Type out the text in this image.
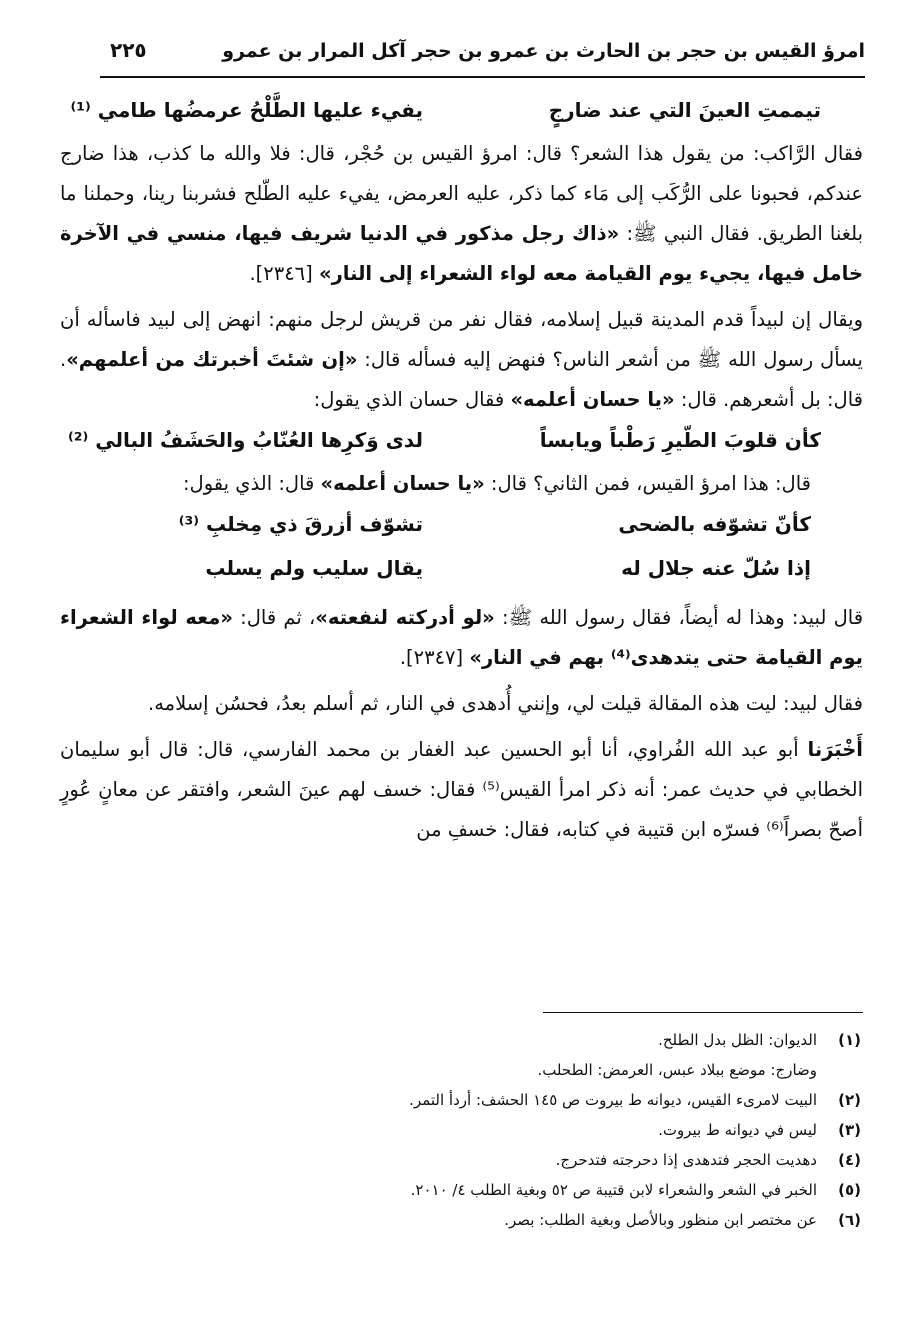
امرؤ القيس بن حجر بن الحارث بن عمرو بن حجر آكل المرار بن عمرو
٢٢٥
تيممتِ العينَ التي عند ضارجٍ
يفيء عليها الطَّلْحُ عرمضُها طامي ⁽¹⁾

فقال الرَّاكب: من يقول هذا الشعر؟ قال: امرؤ القيس بن حُجْر، قال: فلا والله ما كذب، هذا ضارج عندكم، فحبونا على الرُّكَب إلى مَاء كما ذكر، عليه العرمض، يفيء عليه الطّلح فشربنا رينا، وحملنا ما بلغنا الطريق. فقال النبي ﷺ: «ذاك رجل مذكور في الدنيا شريف فيها، منسي في الآخرة خامل فيها، يجيء يوم القيامة معه لواء الشعراء إلى النار» [٢٣٤٦].

ويقال إن لبيداً قدم المدينة قبيل إسلامه، فقال نفر من قريش لرجل منهم: انهض إلى لبيد فاسأله أن يسأل رسول الله ﷺ من أشعر الناس؟ فنهض إليه فسأله قال: «إن شئتَ أخبرتك من أعلمهم». قال: بل أشعرهم. قال: «يا حسان أعلمه» فقال حسان الذي يقول:

كأن قلوبَ الطّيرِ رَطْباً ويابساً
لدى وَكرِها العُنّابُ والحَشَفُ البالي ⁽²⁾

قال: هذا امرؤ القيس، فمن الثاني؟ قال: «يا حسان أعلمه» قال: الذي يقول:

كأنّ تشوّفه بالضحى
تشوّف أزرقَ ذي مِخلبِ ⁽³⁾
إذا سُلّ عنه جلال له
يقال سليب ولم يسلب

قال لبيد: وهذا له أيضاً، فقال رسول الله ﷺ: «لو أدركته لنفعته»، ثم قال: «معه لواء الشعراء يوم القيامة حتى يتدهدى⁽⁴⁾ بهم في النار» [٢٣٤٧].

فقال لبيد: ليت هذه المقالة قيلت لي، وإنني أُدهدى في النار، ثم أسلم بعدُ، فحسُن إسلامه.

أَخْبَرَنا أبو عبد الله الفُراوي، أنا أبو الحسين عبد الغفار بن محمد الفارسي، قال: قال أبو سليمان الخطابي في حديث عمر: أنه ذكر امرأ القيس⁽⁵⁾ فقال: خسف لهم عينَ الشعر، وافتقر عن معانٍ عُورٍ أصحّ بصراً⁽⁶⁾ فسرّه ابن قتيبة في كتابه، فقال: خسفِ من

(١)
الديوان: الظل بدل الطلح.
وضارج: موضع ببلاد عبس، العرمض: الطحلب.
(٢)
البيت لامرىء القيس، ديوانه ط بيروت ص ١٤٥ الحشف: أردأ التمر.
(٣)
ليس في ديوانه ط بيروت.
(٤)
دهديت الحجر فتدهدى إذا دحرجته فتدحرج.
(٥)
الخبر في الشعر والشعراء لابن قتيبة ص ٥٢ وبغية الطلب ٤/ ٢٠١٠.
(٦)
عن مختصر ابن منظور وبالأصل وبغية الطلب: بصر.
